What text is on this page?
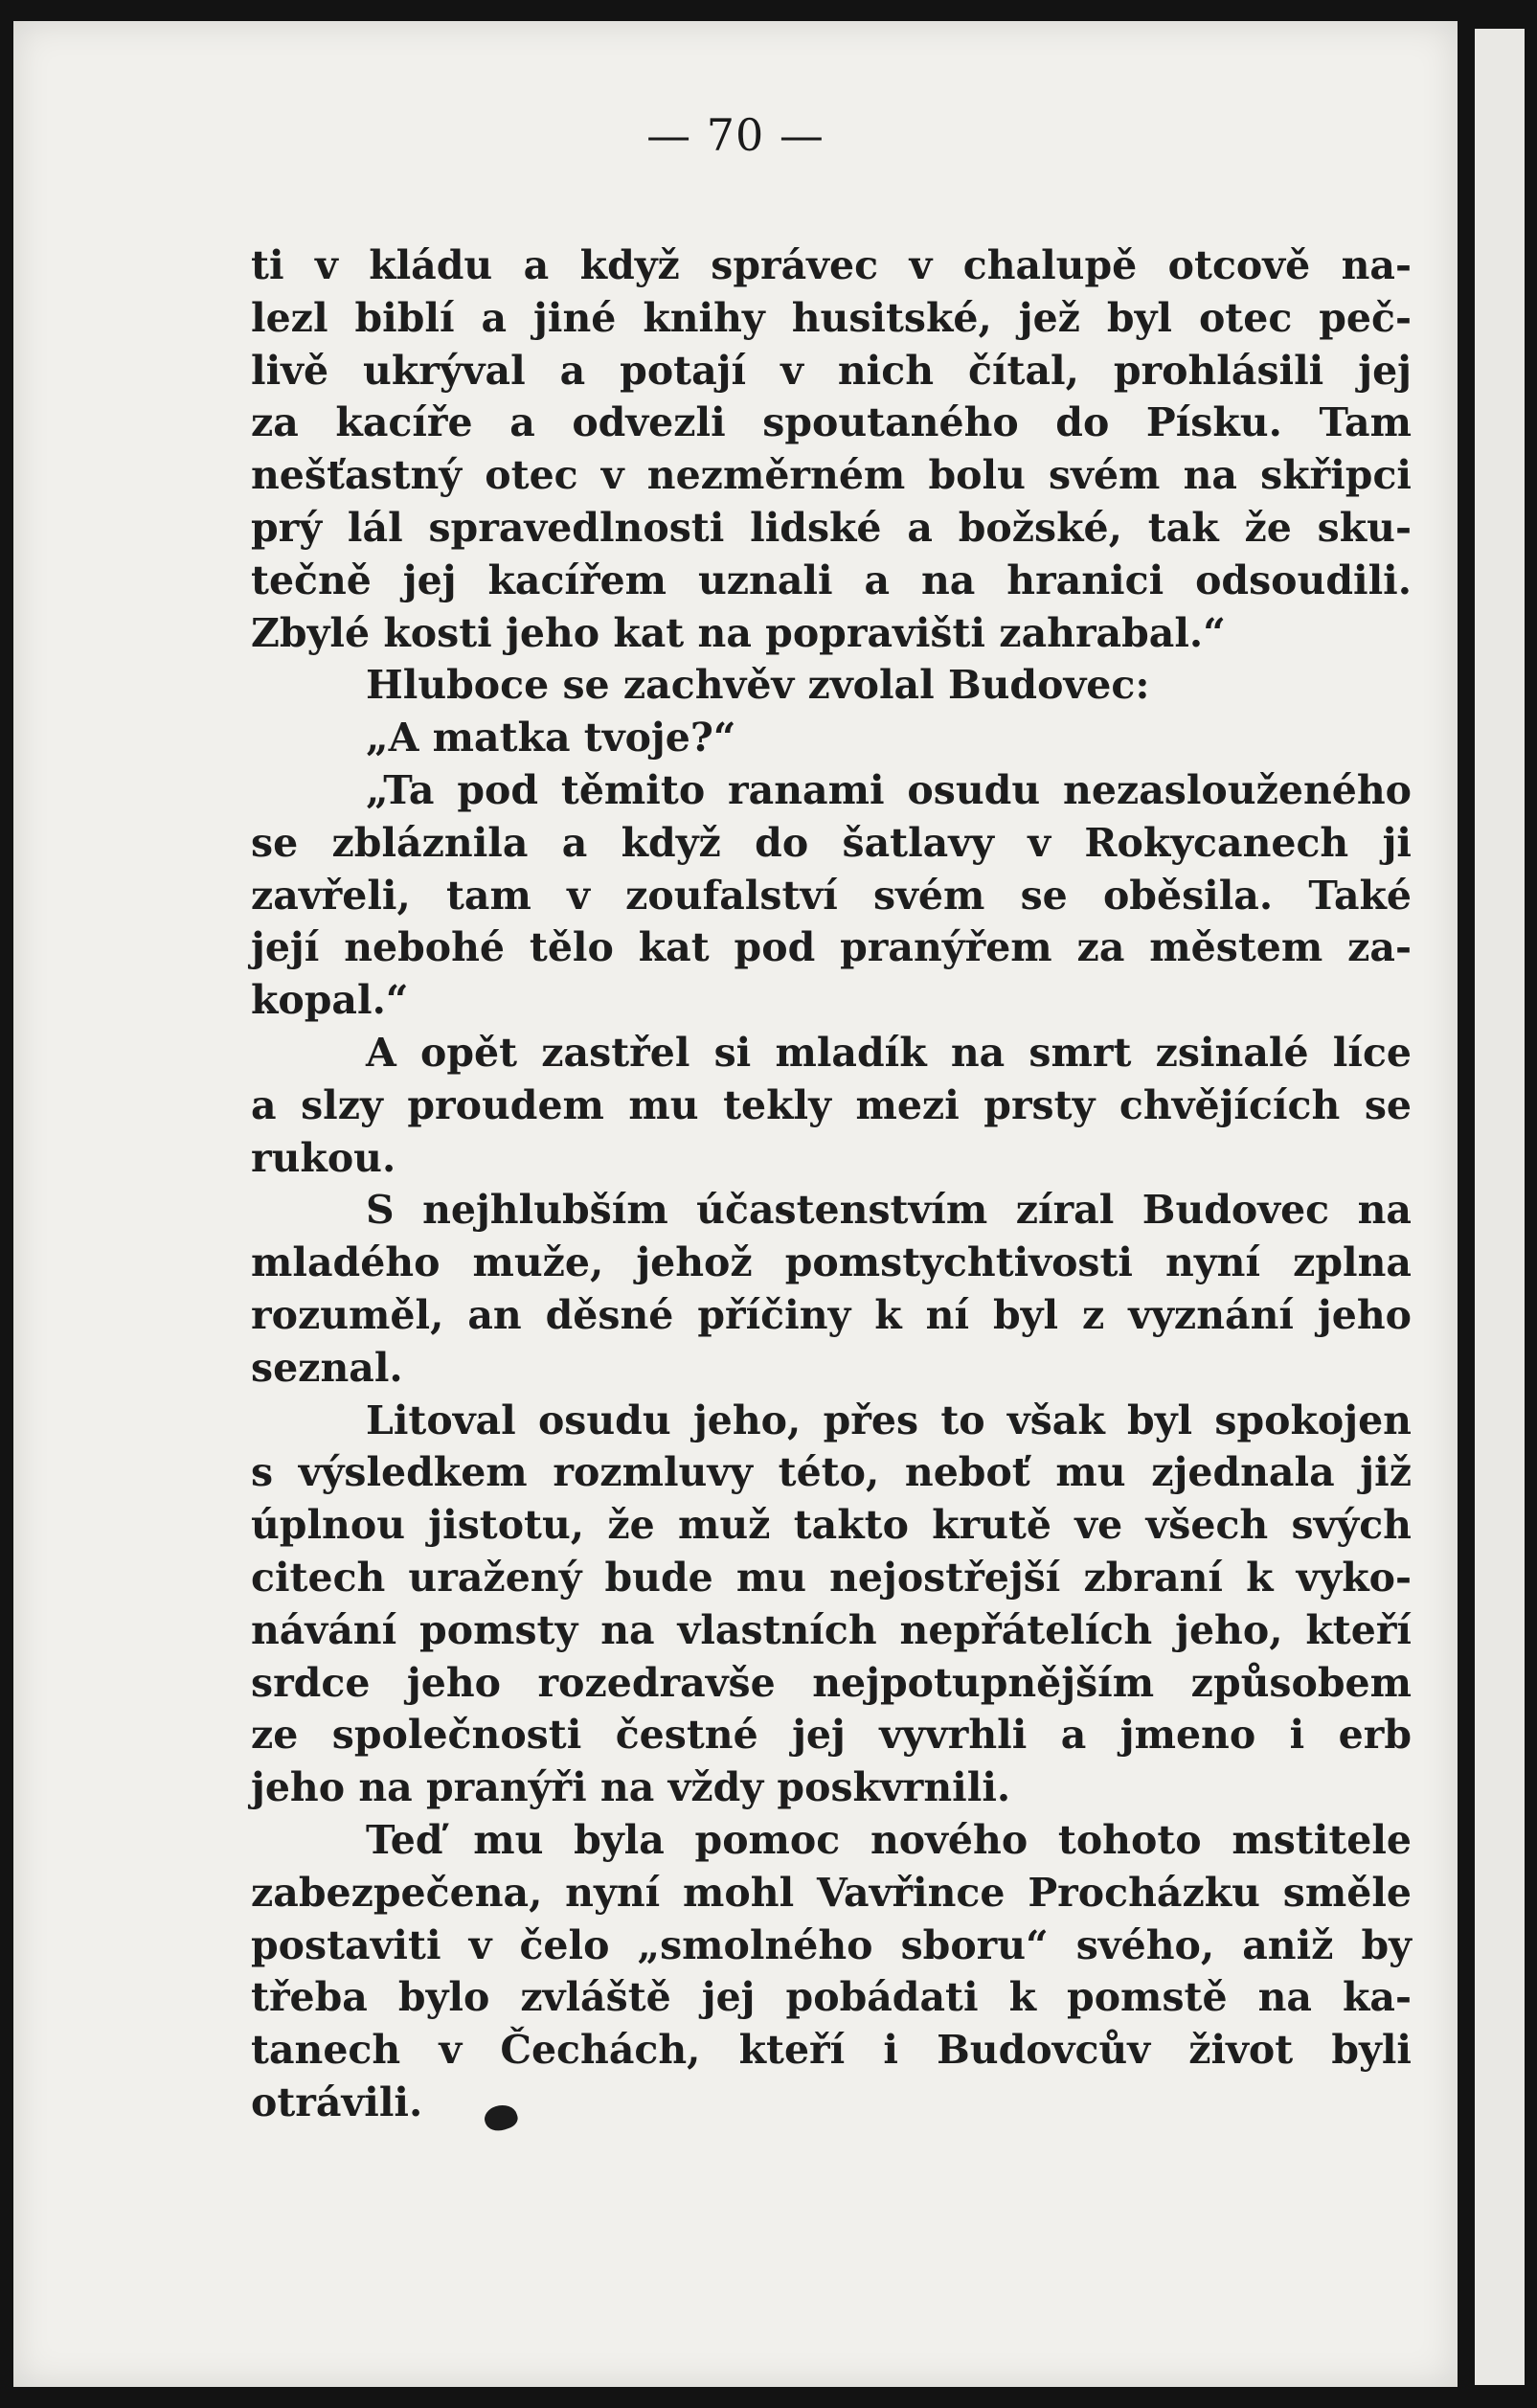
— 70 —
ti v kládu a když správec v chalupě otcově na-
lezl biblí a jiné knihy husitské, jež byl otec peč-
livě ukrýval a potají v nich čítal, prohlásili jej
za kacíře a odvezli spoutaného do Písku. Tam
nešťastný otec v nezměrném bolu svém na skřipci
prý lál spravedlnosti lidské a božské, tak že sku-
tečně jej kacířem uznali a na hranici odsoudili.
Zbylé kosti jeho kat na popravišti zahrabal.“
Hluboce se zachvěv zvolal Budovec:
„A matka tvoje?“
„Ta pod těmito ranami osudu nezaslouženého
se zbláznila a když do šatlavy v Rokycanech ji
zavřeli, tam v zoufalství svém se oběsila. Také
její nebohé tělo kat pod pranýřem za městem za-
kopal.“
A opět zastřel si mladík na smrt zsinalé líce
a slzy proudem mu tekly mezi prsty chvějících se
rukou.
S nejhlubším účastenstvím zíral Budovec na
mladého muže, jehož pomstychtivosti nyní zplna
rozuměl, an děsné příčiny k ní byl z vyznání jeho
seznal.
Litoval osudu jeho, přes to však byl spokojen
s výsledkem rozmluvy této, neboť mu zjednala již
úplnou jistotu, že muž takto krutě ve všech svých
citech uražený bude mu nejostřejší zbraní k vyko-
návání pomsty na vlastních nepřátelích jeho, kteří
srdce jeho rozedravše nejpotupnějším způsobem
ze společnosti čestné jej vyvrhli a jmeno i erb
jeho na pranýři na vždy poskvrnili.
Teď mu byla pomoc nového tohoto mstitele
zabezpečena, nyní mohl Vavřince Procházku směle
postaviti v čelo „smolného sboru“ svého, aniž by
třeba bylo zvláště jej pobádati k pomstě na ka-
tanech v Čechách, kteří i Budovcův život byli
otrávili.
